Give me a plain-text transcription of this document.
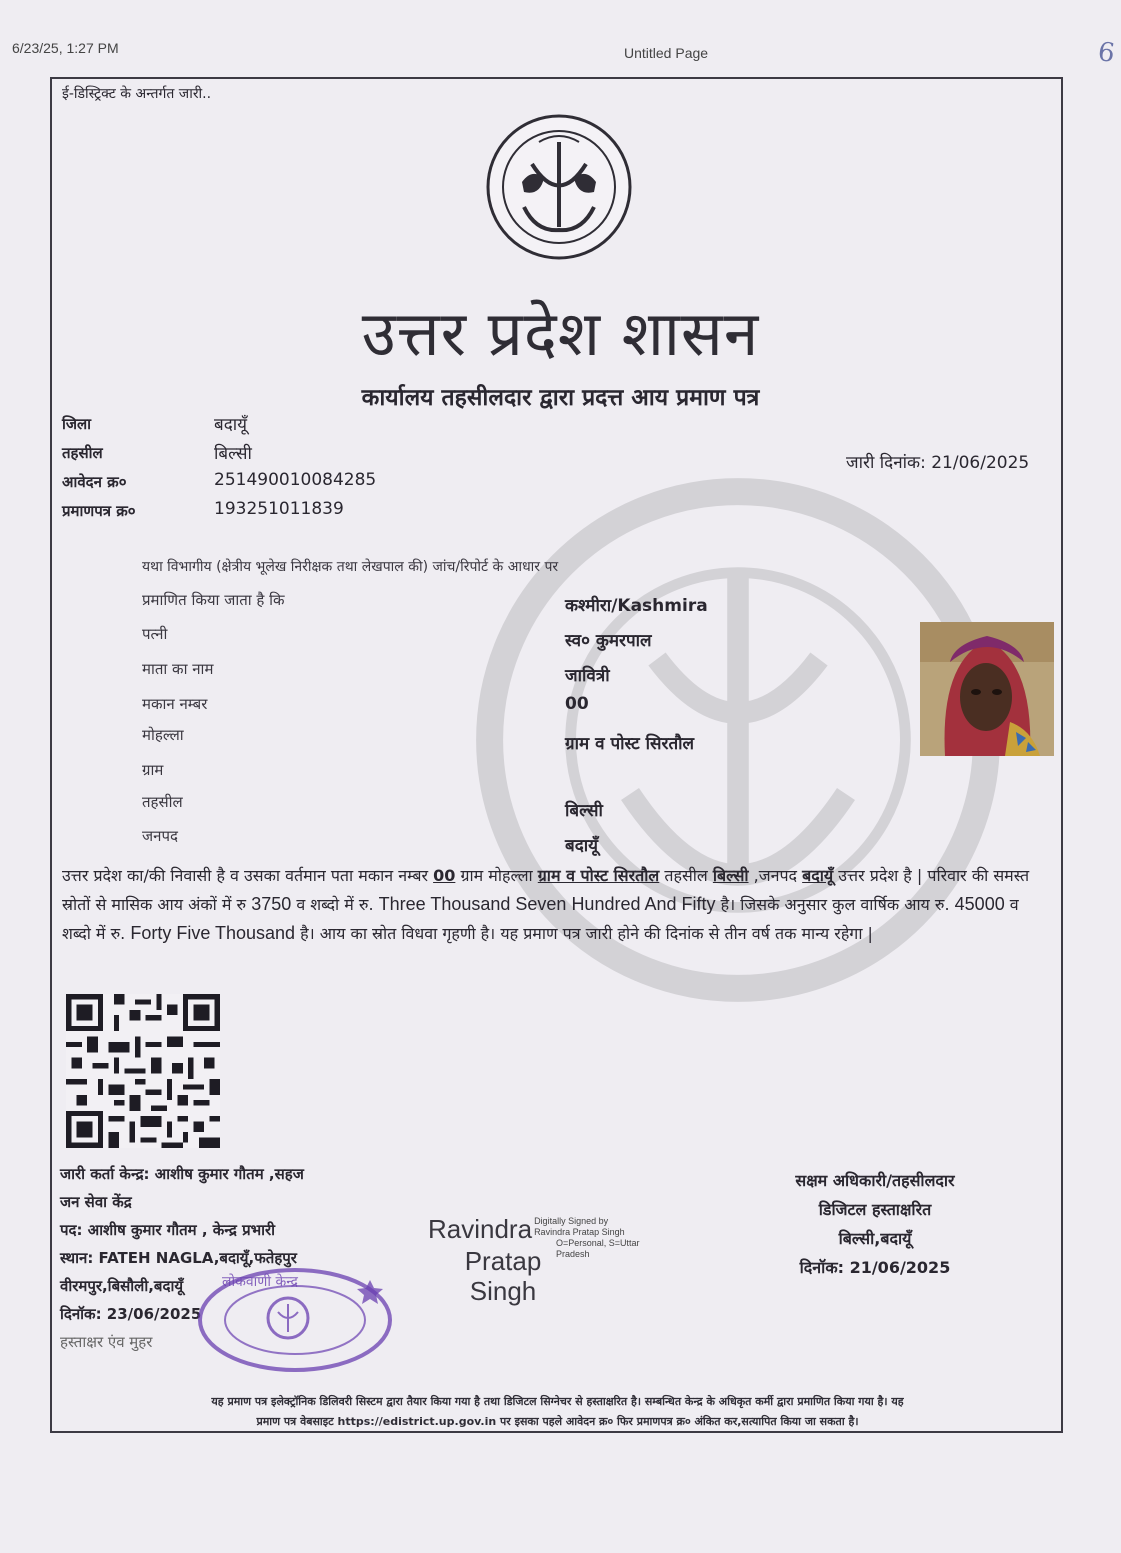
6/23/25, 1:27 PM	Untitled Page	6
ई-डिस्ट्रिक्ट के अन्तर्गत जारी..
उत्तर प्रदेश शासन
कार्यालय तहसीलदार द्वारा प्रदत्त आय प्रमाण पत्र
जिला	बदायूँ
तहसील	बिल्सी
आवेदन क्र०	251490010084285
प्रमाणपत्र क्र०	193251011839
जारी दिनांक: 21/06/2025
यथा विभागीय (क्षेत्रीय भूलेख निरीक्षक तथा लेखपाल की) जांच/रिपोर्ट के आधार पर
प्रमाणित किया जाता है कि	कश्मीरा/Kashmira
पत्नी	स्व० कुमरपाल
माता का नाम	जावित्री
मकान नम्बर	00
मोहल्ला	ग्राम व पोस्ट सिरतौल
ग्राम
तहसील	बिल्सी
जनपद	बदायूँ
उत्तर प्रदेश का/की निवासी है व उसका वर्तमान पता मकान नम्बर 00 ग्राम मोहल्ला ग्राम व पोस्ट सिरतौल तहसील बिल्सी ,जनपद बदायूँ उत्तर प्रदेश है | परिवार की समस्त स्रोतों से मासिक आय अंकों में रु 3750 व शब्दो में रु. Three Thousand Seven Hundred And Fifty है। जिसके अनुसार कुल वार्षिक आय रु. 45000 व शब्दो में रु. Forty Five Thousand है। आय का स्रोत विधवा गृहणी है। यह प्रमाण पत्र जारी होने की दिनांक से तीन वर्ष तक मान्य रहेगा |
जारी कर्ता केन्द्र: आशीष कुमार गौतम ,सहज
जन सेवा केंद्र
पद: आशीष कुमार गौतम , केन्द्र प्रभारी
स्थान: FATEH NAGLA,बदायूँ,फतेहपुर
वीरमपुर,बिसौली,बदायूँ
दिनॉक: 23/06/2025
हस्ताक्षर एंव मुहर
लोकवाणी केन्द्र
Ravindra Digitally Signed by
Ravindra Pratap Singh
Pratap
Singh
O=Personal, S=Uttar
Pradesh
सक्षम अधिकारी/तहसीलदार
डिजिटल हस्ताक्षरित
बिल्सी,बदायूँ
दिनॉक: 21/06/2025
यह प्रमाण पत्र इलेक्ट्रॉनिक डिलिवरी सिस्टम द्वारा तैयार किया गया है तथा डिजिटल सिग्नेचर से हस्ताक्षरित है। सम्बन्धित केन्द्र के अधिकृत कर्मी द्वारा प्रमाणित किया गया है। यह
प्रमाण पत्र वेबसाइट https://edistrict.up.gov.in पर इसका पहले आवेदन क्र० फिर प्रमाणपत्र क्र० अंकित कर,सत्यापित किया जा सकता है।
